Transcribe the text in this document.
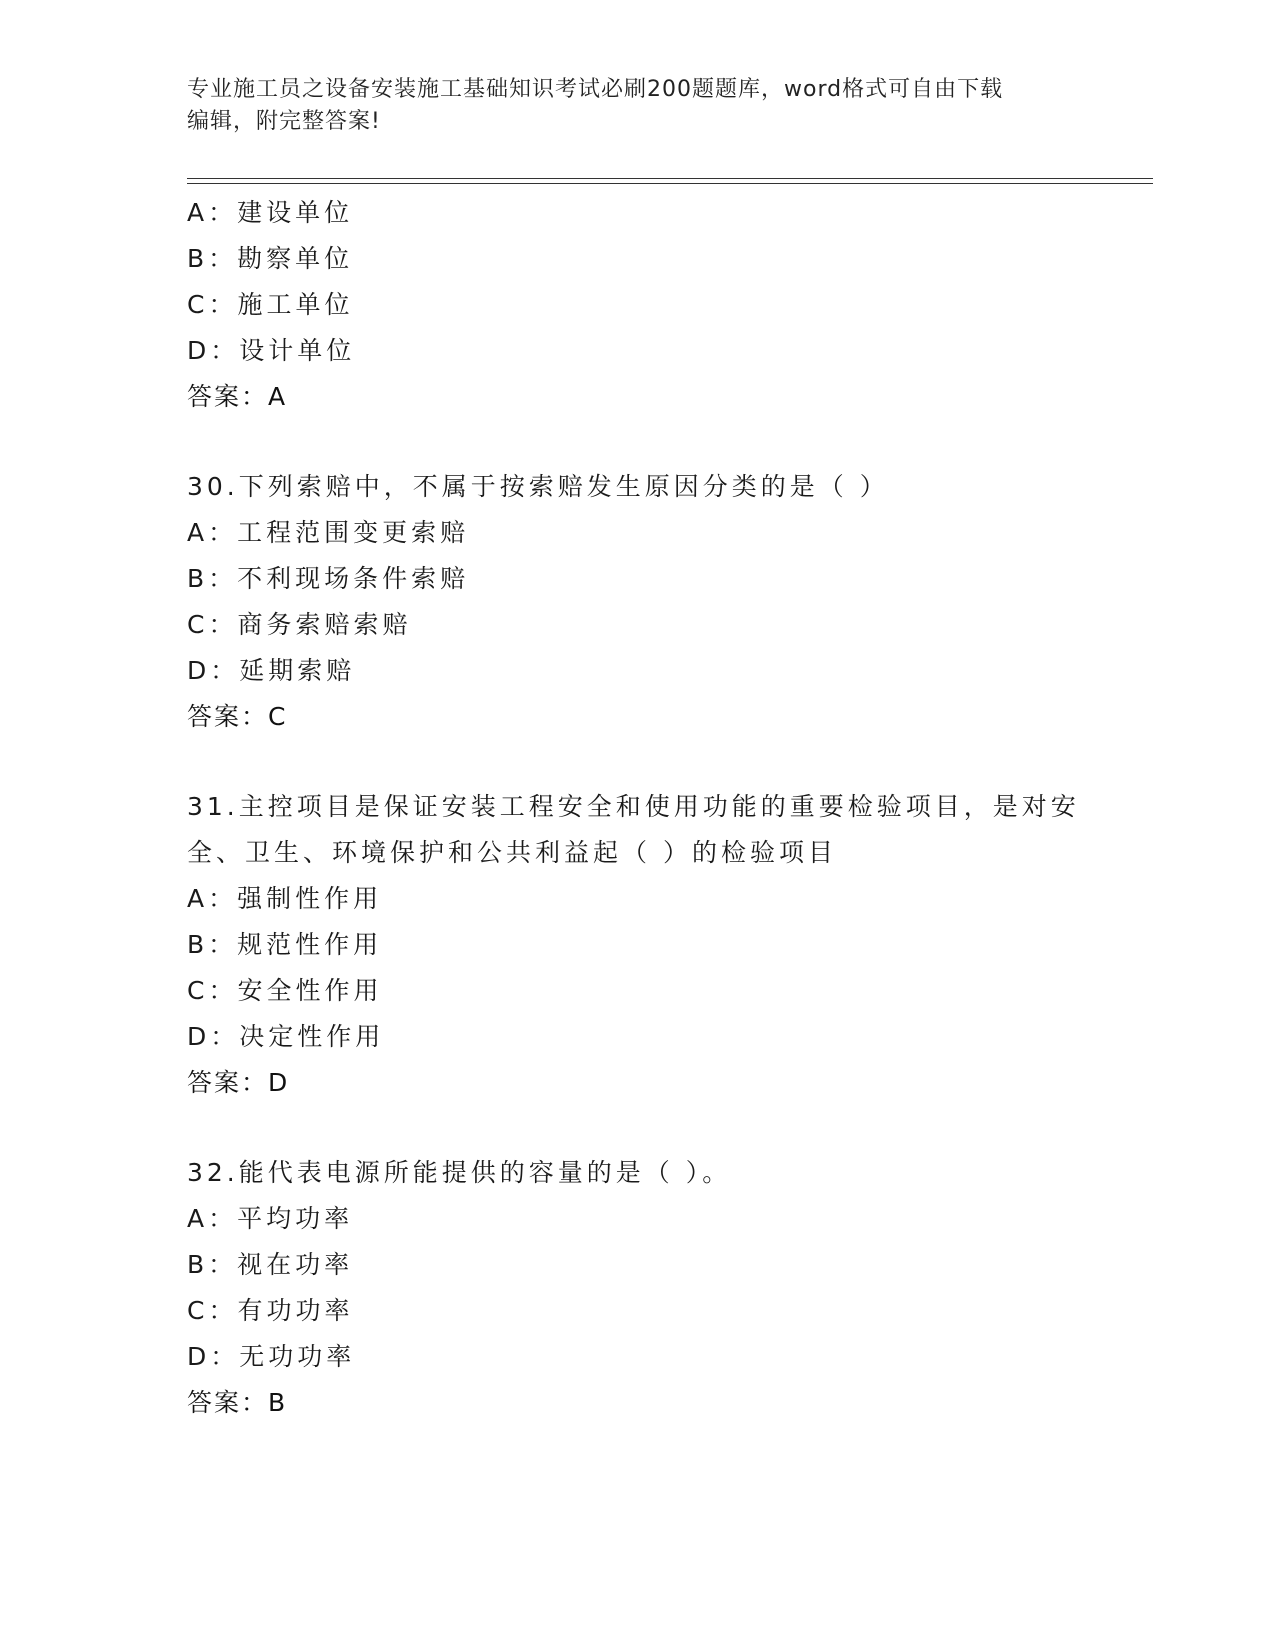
专业施工员之设备安装施工基础知识考试必刷200题题库，word格式可自由下载
编辑，附完整答案!
A：建设单位
B：勘察单位
C：施工单位
D：设计单位
答案：A
30.下列索赔中，不属于按索赔发生原因分类的是（ ）
A：工程范围变更索赔
B：不利现场条件索赔
C：商务索赔索赔
D：延期索赔
答案：C
31.主控项目是保证安装工程安全和使用功能的重要检验项目，是对安
全、卫生、环境保护和公共利益起（ ）的检验项目
A：强制性作用
B：规范性作用
C：安全性作用
D：决定性作用
答案：D
32.能代表电源所能提供的容量的是（ ）。
A：平均功率
B：视在功率
C：有功功率
D：无功功率
答案：B
